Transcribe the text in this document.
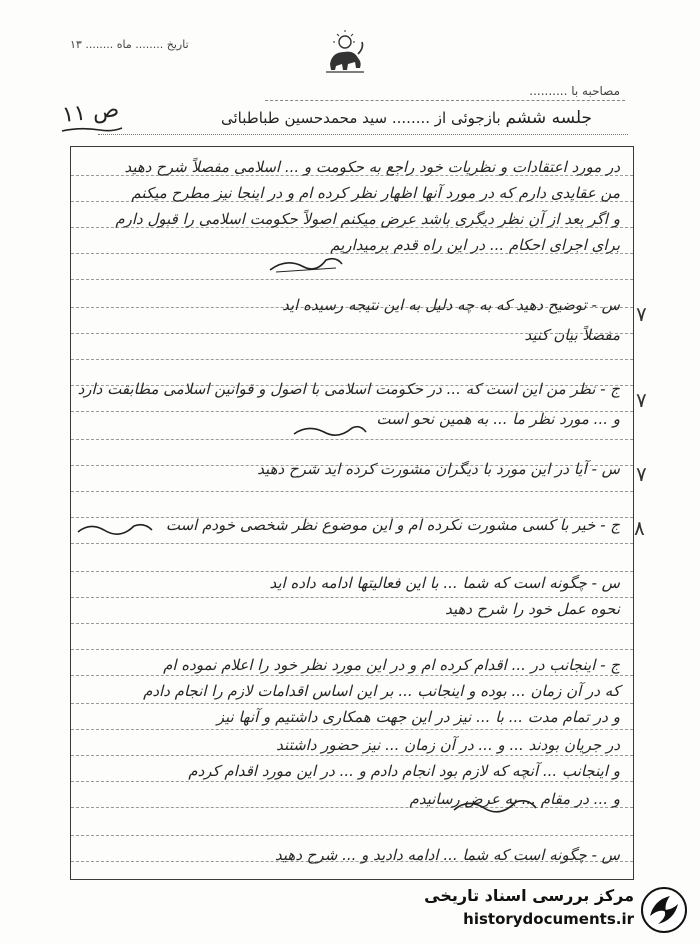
تاریخ ........ ماه ........ ۱۳
مصاحبه با ..........
ص ۱۱	جلسه ششم بازجوئی از ........ سید محمدحسین طباطبائی
در مورد اعتقادات و نظریات خود راجع به حکومت و ... اسلامی مفصلاً شرح دهید
من عقایدی دارم که در مورد آنها اظهار نظر کرده ام و در اینجا نیز مطرح میکنم
و اگر بعد از آن نظر دیگری باشد عرض میکنم اصولاً حکومت اسلامی را قبول دارم
برای اجرای احکام ... در این راه قدم برمیداریم
س - توضیح دهید که به چه دلیل به این نتیجه رسیده اید
مفصلاً بیان کنید
۷
ج - نظر من این است که ... در حکومت اسلامی با اصول و قوانین اسلامی مطابقت دارد
و ... مورد نظر ما ... به همین نحو است
۷
س - آیا در این مورد با دیگران مشورت کرده اید شرح دهید ۷
ج - خیر با کسی مشورت نکرده ام و این موضوع نظر شخصی خودم است ۸
س - چگونه است که شما ... با این فعالیتها ادامه داده اید
نحوه عمل خود را شرح دهید
ج - اینجانب در ... اقدام کرده ام و در این مورد نظر خود را اعلام نموده ام
که در آن زمان ... بوده و اینجانب ... بر این اساس اقدامات لازم را انجام دادم
و در تمام مدت ... با ... نیز در این جهت همکاری داشتیم و آنها نیز
در جریان بودند ... و ... در آن زمان ... نیز حضور داشتند
و اینجانب ... آنچه که لازم بود انجام دادم و ... در این مورد اقدام کردم
و ... در مقام ... به عرض رسانیدم
س - چگونه است که شما ... ادامه دادید و ... شرح دهید
مرکز بررسی اسناد تاریخی
historydocuments.ir
